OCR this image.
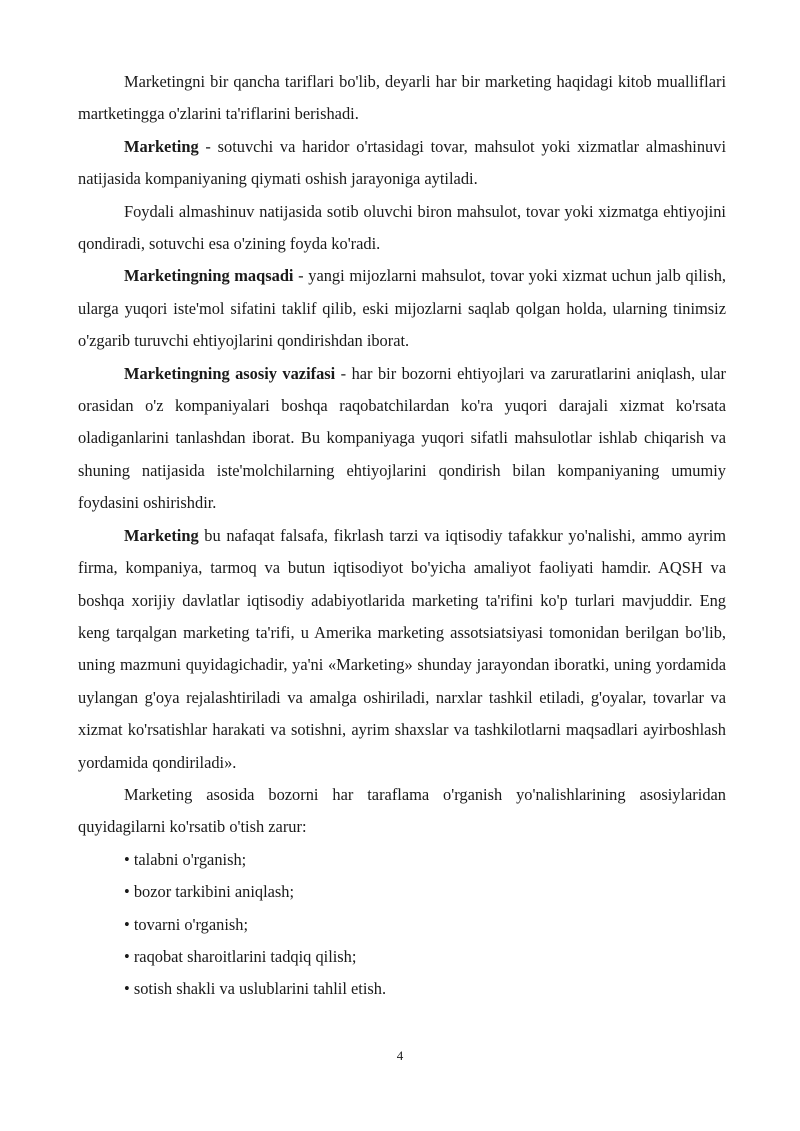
Marketingni bir qancha tariflari bo'lib, deyarli har bir marketing haqidagi kitob mualliflari martketingga o'zlarini ta'riflarini berishadi.

Marketing - sotuvchi va haridor o'rtasidagi tovar, mahsulot yoki xizmatlar almashinuvi natijasida kompaniyaning qiymati oshish jarayoniga aytiladi.

Foydali almashinuv natijasida sotib oluvchi biron mahsulot, tovar yoki xizmatga ehtiyojini qondiradi, sotuvchi esa o'zining foyda ko'radi.

Marketingning maqsadi - yangi mijozlarni mahsulot, tovar yoki xizmat uchun jalb qilish, ularga yuqori iste'mol sifatini taklif qilib, eski mijozlarni saqlab qolgan holda, ularning tinimsiz o'zgarib turuvchi ehtiyojlarini qondirishdan iborat.

Marketingning asosiy vazifasi - har bir bozorni ehtiyojlari va zaruratlarini aniqlash, ular orasidan o'z kompaniyalari boshqa raqobatchilardan ko'ra yuqori darajali xizmat ko'rsata oladiganlarini tanlashdan iborat. Bu kompaniyaga yuqori sifatli mahsulotlar ishlab chiqarish va shuning natijasida iste'molchilarning ehtiyojlarini qondirish bilan kompaniyaning umumiy foydasini oshirishdir.

Marketing bu nafaqat falsafa, fikrlash tarzi va iqtisodiy tafakkur yo'nalishi, ammo ayrim firma, kompaniya, tarmoq va butun iqtisodiyot bo'yicha amaliyot faoliyati hamdir. AQSH va boshqa xorijiy davlatlar iqtisodiy adabiyotlarida marketing ta'rifini ko'p turlari mavjuddir. Eng keng tarqalgan marketing ta'rifi, u Amerika marketing assotsiatsiyasi tomonidan berilgan bo'lib, uning mazmuni quyidagichadir, ya'ni «Marketing» shunday jarayondan iboratki, uning yordamida uylangan g'oya rejalashtiriladi va amalga oshiriladi, narxlar tashkil etiladi, g'oyalar, tovarlar va xizmat ko'rsatishlar harakati va sotishni, ayrim shaxslar va tashkilotlarni maqsadlari ayirboshlash yordamida qondiriladi».

Marketing asosida bozorni har taraflama o'rganish yo'nalishlarining asosiylaridan quyidagilarni ko'rsatib o'tish zarur:

• talabni o'rganish;
• bozor tarkibini aniqlash;
• tovarni o'rganish;
• raqobat sharoitlarini tadqiq qilish;
• sotish shakli va uslublarini tahlil etish.
4
